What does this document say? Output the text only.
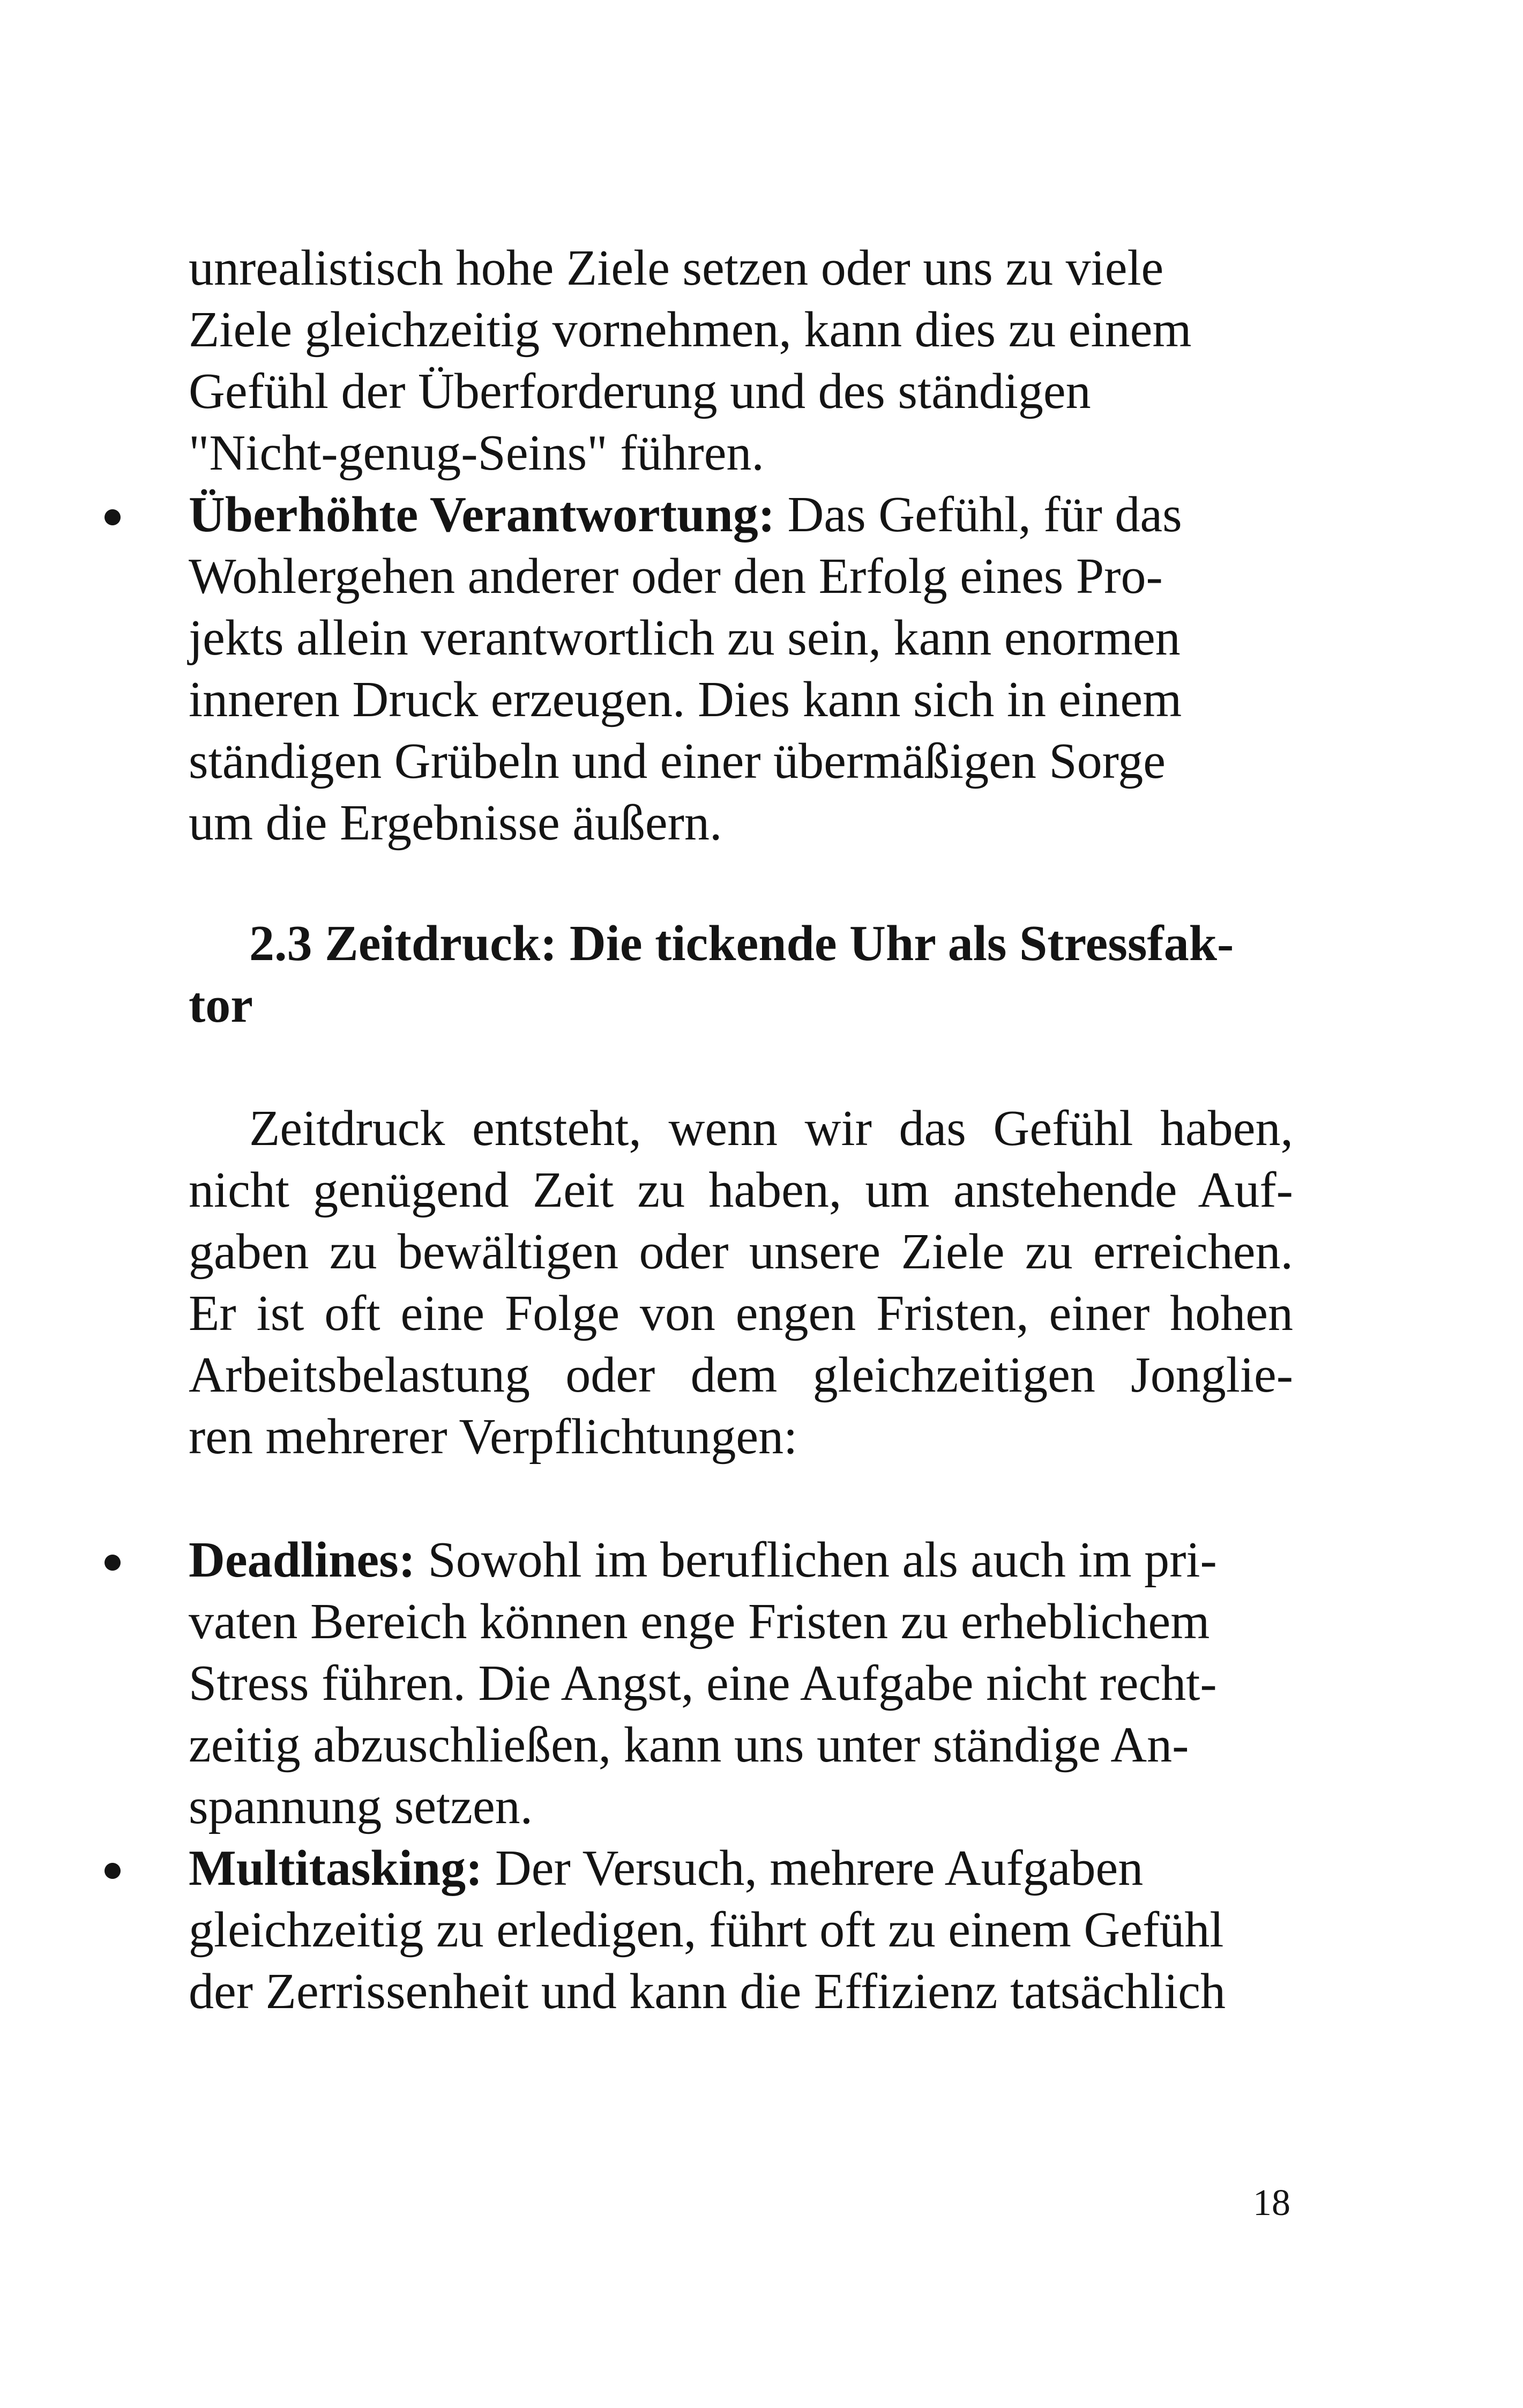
unrealistisch hohe Ziele setzen oder uns zu viele
Ziele gleichzeitig vornehmen, kann dies zu einem
Gefühl der Überforderung und des ständigen
"Nicht-genug-Seins" führen.
Überhöhte Verantwortung: Das Gefühl, für das
Wohlergehen anderer oder den Erfolg eines Pro-
jekts allein verantwortlich zu sein, kann enormen
inneren Druck erzeugen. Dies kann sich in einem
ständigen Grübeln und einer übermäßigen Sorge
um die Ergebnisse äußern.
2.3 Zeitdruck: Die tickende Uhr als Stressfak-
tor
Zeitdruck entsteht, wenn wir das Gefühl haben,
nicht genügend Zeit zu haben, um anstehende Auf-
gaben zu bewältigen oder unsere Ziele zu erreichen.
Er ist oft eine Folge von engen Fristen, einer hohen
Arbeitsbelastung oder dem gleichzeitigen Jonglie-
ren mehrerer Verpflichtungen:
Deadlines: Sowohl im beruflichen als auch im pri-
vaten Bereich können enge Fristen zu erheblichem
Stress führen. Die Angst, eine Aufgabe nicht recht-
zeitig abzuschließen, kann uns unter ständige An-
spannung setzen.
Multitasking: Der Versuch, mehrere Aufgaben
gleichzeitig zu erledigen, führt oft zu einem Gefühl
der Zerrissenheit und kann die Effizienz tatsächlich
18
